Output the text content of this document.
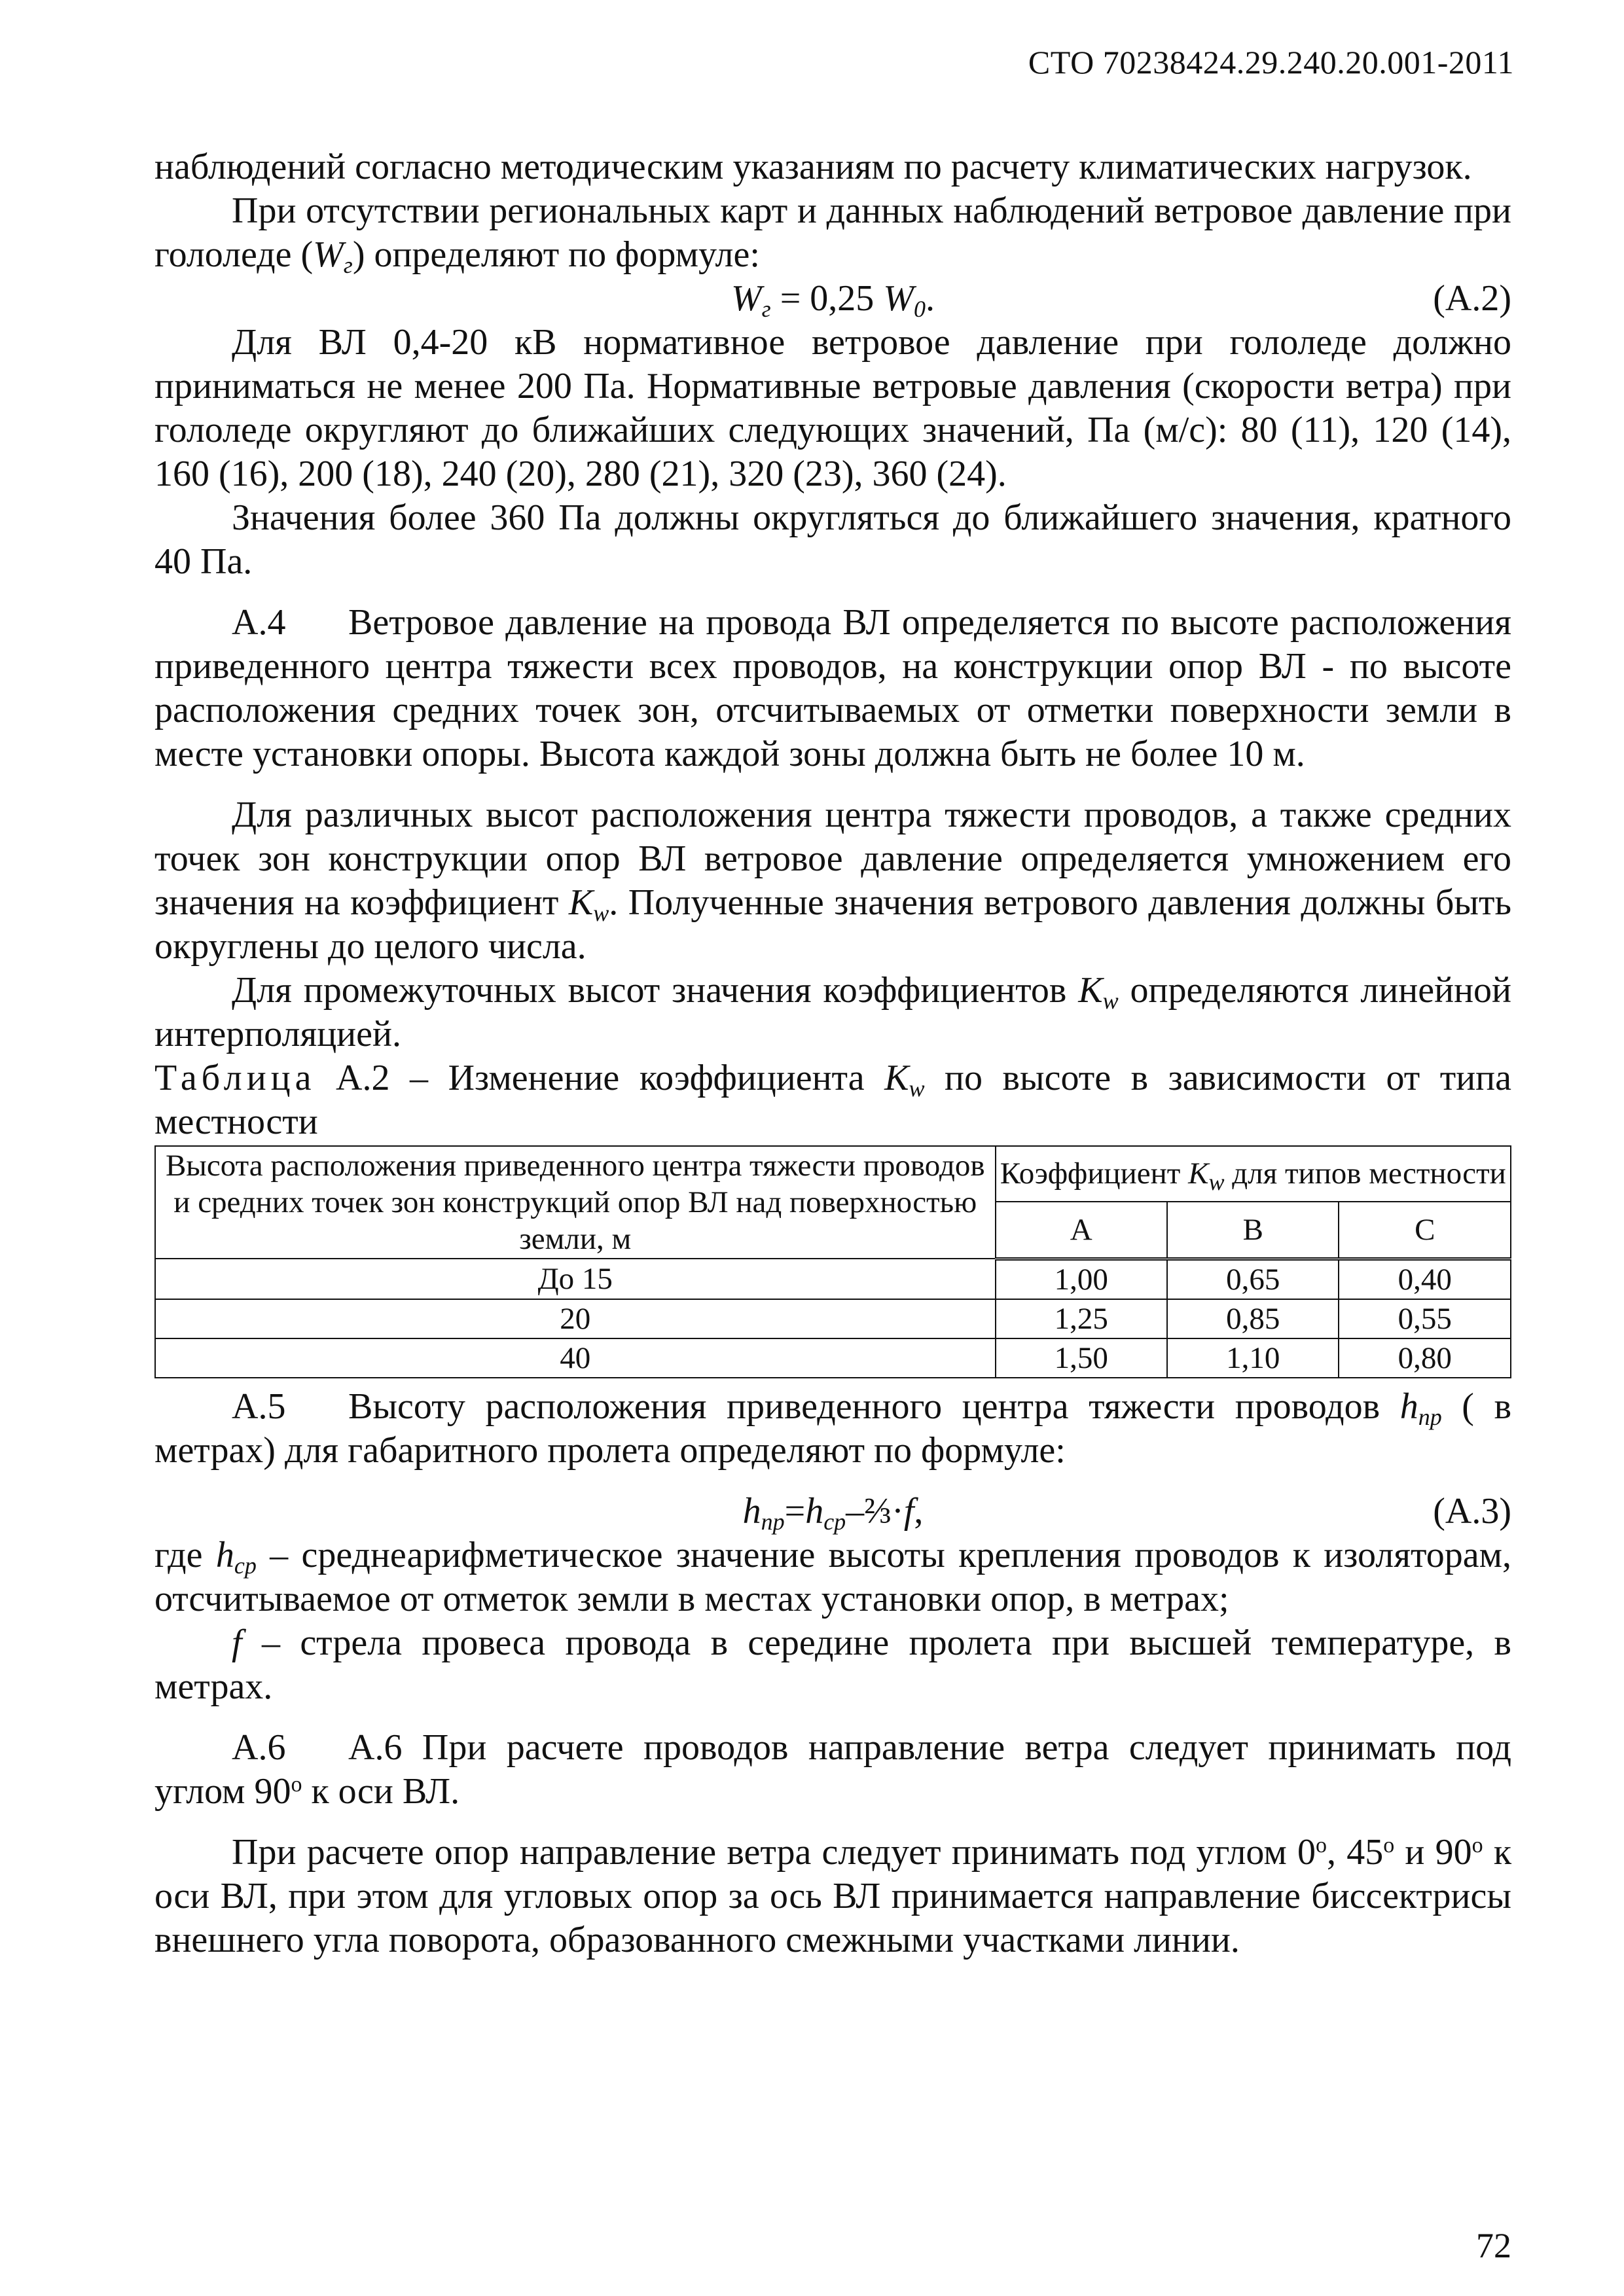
СТО 70238424.29.240.20.001-2011

наблюдений согласно методическим указаниям по расчету климатических нагрузок.

При отсутствии региональных карт и данных наблюдений ветровое давление при гололеде $(W_г)$ определяют по формуле:

$W_г = 0,25$ $W_0$.	(А.2)

Для ВЛ 0,4-20 кВ нормативное ветровое давление при гололеде должно приниматься не менее 200 Па. Нормативные ветровые давления (скорости ветра) при гололеде округляют до ближайших следующих значений, Па (м/с): 80 (11), 120 (14), 160 (16), 200 (18), 240 (20), 280 (21), 320 (23), 360 (24).

Значения более 360 Па должны округляться до ближайшего значения, кратного 40 Па.

А.4 Ветровое давление на провода ВЛ определяется по высоте расположения приведенного центра тяжести всех проводов, на конструкции опор ВЛ - по высоте расположения средних точек зон, отсчитываемых от отметки поверхности земли в месте установки опоры. Высота каждой зоны должна быть не более 10 м.

Для различных высот расположения центра тяжести проводов, а также средних точек зон конструкции опор ВЛ ветровое давление определяется умножением его значения на коэффициент $K_w$. Полученные значения ветрового давления должны быть округлены до целого числа.

Для промежуточных высот значения коэффициентов $K_w$ определяются линейной интерполяцией.

Таблица А.2 – Изменение коэффициента $K_w$ по высоте в зависимости от типа местности

Высота расположения приведенного центра тяжести проводов и средних точек зон конструкций опор ВЛ над поверхностью земли, м	Коэффициент $K_w$ для типов местности		
	А	В	С
До 15	1,00	0,65	0,40
20	1,25	0,85	0,55
40	1,50	1,10	0,80

А.5 Высоту расположения приведенного центра тяжести проводов $h_{пр}$ ( в метрах) для габаритного пролета определяют по формуле:

$h_{пр}=h_{ср}-\frac{2}{3}\cdot f$,	(А.3)

где $h_{ср}$ – среднеарифметическое значение высоты крепления проводов к изоляторам, отсчитываемое от отметок земли в местах установки опор, в метрах;

f – стрела провеса провода в середине пролета при высшей температуре, в метрах.

А.6 А.6 При расчете проводов направление ветра следует принимать под углом $90^о$ к оси ВЛ.

При расчете опор направление ветра следует принимать под углом $0^о$, $45^о$ и $90^о$ к оси ВЛ, при этом для угловых опор за ось ВЛ принимается направление биссектрисы внешнего угла поворота, образованного смежными участками линии.

72
